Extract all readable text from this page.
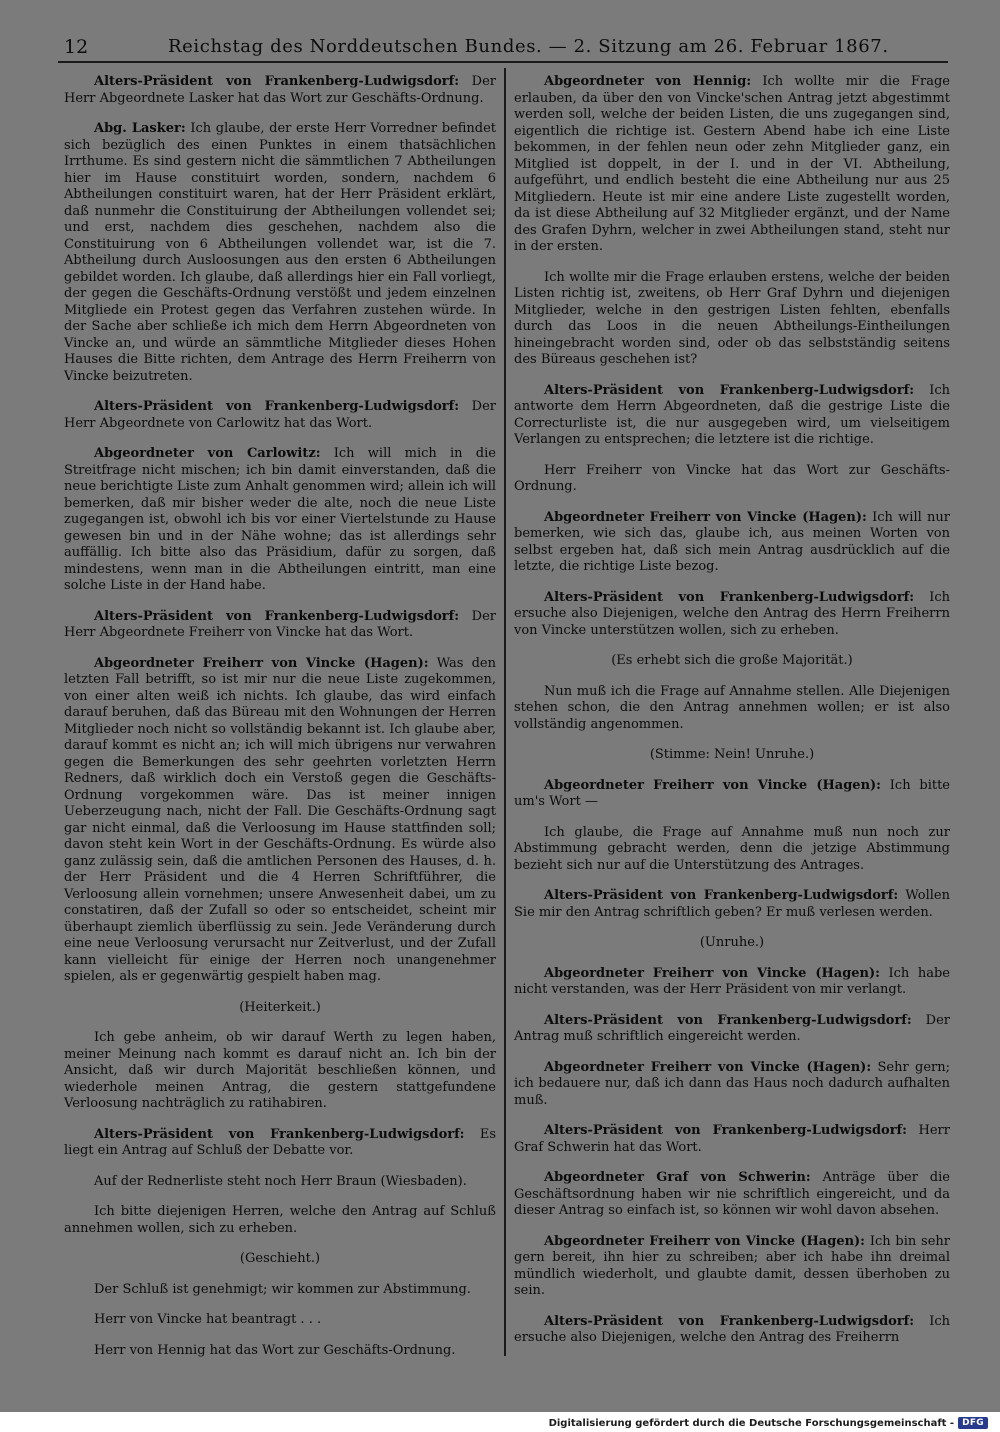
12	Reichstag des Norddeutschen Bundes. — 2. Sitzung am 26. Februar 1867.

Alters-Präsident von Frankenberg-Ludwigsdorf: Der Herr Abgeordnete Lasker hat das Wort zur Geschäfts-Ordnung.

Abg. Lasker: Ich glaube, der erste Herr Vorredner befindet sich bezüglich des einen Punktes in einem thatsächlichen Irrthume. Es sind gestern nicht die sämmtlichen 7 Abtheilungen hier im Hause constituirt worden, sondern, nachdem 6 Abtheilungen constituirt waren, hat der Herr Präsident erklärt, daß nunmehr die Constituirung der Abtheilungen vollendet sei; und erst, nachdem dies geschehen, nachdem also die Constituirung von 6 Abtheilungen vollendet war, ist die 7. Abtheilung durch Ausloosungen aus den ersten 6 Abtheilungen gebildet worden. Ich glaube, daß allerdings hier ein Fall vorliegt, der gegen die Geschäfts-Ordnung verstößt und jedem einzelnen Mitgliede ein Protest gegen das Verfahren zustehen würde. In der Sache aber schließe ich mich dem Herrn Abgeordneten von Vincke an, und würde an sämmtliche Mitglieder dieses Hohen Hauses die Bitte richten, dem Antrage des Herrn Freiherrn von Vincke beizutreten.

Alters-Präsident von Frankenberg-Ludwigsdorf: Der Herr Abgeordnete von Carlowitz hat das Wort.

Abgeordneter von Carlowitz: Ich will mich in die Streitfrage nicht mischen; ich bin damit einverstanden, daß die neue berichtigte Liste zum Anhalt genommen wird; allein ich will bemerken, daß mir bisher weder die alte, noch die neue Liste zugegangen ist, obwohl ich bis vor einer Viertelstunde zu Hause gewesen bin und in der Nähe wohne; das ist allerdings sehr auffällig. Ich bitte also das Präsidium, dafür zu sorgen, daß mindestens, wenn man in die Abtheilungen eintritt, man eine solche Liste in der Hand habe.

Alters-Präsident von Frankenberg-Ludwigsdorf: Der Herr Abgeordnete Freiherr von Vincke hat das Wort.

Abgeordneter Freiherr von Vincke (Hagen): Was den letzten Fall betrifft, so ist mir nur die neue Liste zugekommen, von einer alten weiß ich nichts. Ich glaube, das wird einfach darauf beruhen, daß das Büreau mit den Wohnungen der Herren Mitglieder noch nicht so vollständig bekannt ist. Ich glaube aber, darauf kommt es nicht an; ich will mich übrigens nur verwahren gegen die Bemerkungen des sehr geehrten vorletzten Herrn Redners, daß wirklich doch ein Verstoß gegen die Geschäfts-Ordnung vorgekommen wäre. Das ist meiner innigen Ueberzeugung nach, nicht der Fall. Die Geschäfts-Ordnung sagt gar nicht einmal, daß die Verloosung im Hause stattfinden soll; davon steht kein Wort in der Geschäfts-Ordnung. Es würde also ganz zulässig sein, daß die amtlichen Personen des Hauses, d. h. der Herr Präsident und die 4 Herren Schriftführer, die Verloosung allein vornehmen; unsere Anwesenheit dabei, um zu constatiren, daß der Zufall so oder so entscheidet, scheint mir überhaupt ziemlich überflüssig zu sein. Jede Veränderung durch eine neue Verloosung verursacht nur Zeitverlust, und der Zufall kann vielleicht für einige der Herren noch unangenehmer spielen, als er gegenwärtig gespielt haben mag.

(Heiterkeit.)

Ich gebe anheim, ob wir darauf Werth zu legen haben, meiner Meinung nach kommt es darauf nicht an. Ich bin der Ansicht, daß wir durch Majorität beschließen können, und wiederhole meinen Antrag, die gestern stattgefundene Verloosung nachträglich zu ratihabiren.

Alters-Präsident von Frankenberg-Ludwigsdorf: Es liegt ein Antrag auf Schluß der Debatte vor.

Auf der Rednerliste steht noch Herr Braun (Wiesbaden).

Ich bitte diejenigen Herren, welche den Antrag auf Schluß annehmen wollen, sich zu erheben.

(Geschieht.)

Der Schluß ist genehmigt; wir kommen zur Abstimmung.

Herr von Vincke hat beantragt . . .

Herr von Hennig hat das Wort zur Geschäfts-Ordnung.

Abgeordneter von Hennig: Ich wollte mir die Frage erlauben, da über den von Vincke'schen Antrag jetzt abgestimmt werden soll, welche der beiden Listen, die uns zugegangen sind, eigentlich die richtige ist. Gestern Abend habe ich eine Liste bekommen, in der fehlen neun oder zehn Mitglieder ganz, ein Mitglied ist doppelt, in der I. und in der VI. Abtheilung, aufgeführt, und endlich besteht die eine Abtheilung nur aus 25 Mitgliedern. Heute ist mir eine andere Liste zugestellt worden, da ist diese Abtheilung auf 32 Mitglieder ergänzt, und der Name des Grafen Dyhrn, welcher in zwei Abtheilungen stand, steht nur in der ersten.

Ich wollte mir die Frage erlauben erstens, welche der beiden Listen richtig ist, zweitens, ob Herr Graf Dyhrn und diejenigen Mitglieder, welche in den gestrigen Listen fehlten, ebenfalls durch das Loos in die neuen Abtheilungs-Eintheilungen hineingebracht worden sind, oder ob das selbstständig seitens des Büreaus geschehen ist?

Alters-Präsident von Frankenberg-Ludwigsdorf: Ich antworte dem Herrn Abgeordneten, daß die gestrige Liste die Correcturliste ist, die nur ausgegeben wird, um vielseitigem Verlangen zu entsprechen; die letztere ist die richtige.

Herr Freiherr von Vincke hat das Wort zur Geschäfts-Ordnung.

Abgeordneter Freiherr von Vincke (Hagen): Ich will nur bemerken, wie sich das, glaube ich, aus meinen Worten von selbst ergeben hat, daß sich mein Antrag ausdrücklich auf die letzte, die richtige Liste bezog.

Alters-Präsident von Frankenberg-Ludwigsdorf: Ich ersuche also Diejenigen, welche den Antrag des Herrn Freiherrn von Vincke unterstützen wollen, sich zu erheben.

(Es erhebt sich die große Majorität.)

Nun muß ich die Frage auf Annahme stellen. Alle Diejenigen stehen schon, die den Antrag annehmen wollen; er ist also vollständig angenommen.

(Stimme: Nein! Unruhe.)

Abgeordneter Freiherr von Vincke (Hagen): Ich bitte um's Wort —

Ich glaube, die Frage auf Annahme muß nun noch zur Abstimmung gebracht werden, denn die jetzige Abstimmung bezieht sich nur auf die Unterstützung des Antrages.

Alters-Präsident von Frankenberg-Ludwigsdorf: Wollen Sie mir den Antrag schriftlich geben? Er muß verlesen werden.

(Unruhe.)

Abgeordneter Freiherr von Vincke (Hagen): Ich habe nicht verstanden, was der Herr Präsident von mir verlangt.

Alters-Präsident von Frankenberg-Ludwigsdorf: Der Antrag muß schriftlich eingereicht werden.

Abgeordneter Freiherr von Vincke (Hagen): Sehr gern; ich bedauere nur, daß ich dann das Haus noch dadurch aufhalten muß.

Alters-Präsident von Frankenberg-Ludwigsdorf: Herr Graf Schwerin hat das Wort.

Abgeordneter Graf von Schwerin: Anträge über die Geschäftsordnung haben wir nie schriftlich eingereicht, und da dieser Antrag so einfach ist, so können wir wohl davon absehen.

Abgeordneter Freiherr von Vincke (Hagen): Ich bin sehr gern bereit, ihn hier zu schreiben; aber ich habe ihn dreimal mündlich wiederholt, und glaubte damit, dessen überhoben zu sein.

Alters-Präsident von Frankenberg-Ludwigsdorf: Ich ersuche also Diejenigen, welche den Antrag des Freiherrn

Digitalisierung gefördert durch die Deutsche Forschungsgemeinschaft - DFG
